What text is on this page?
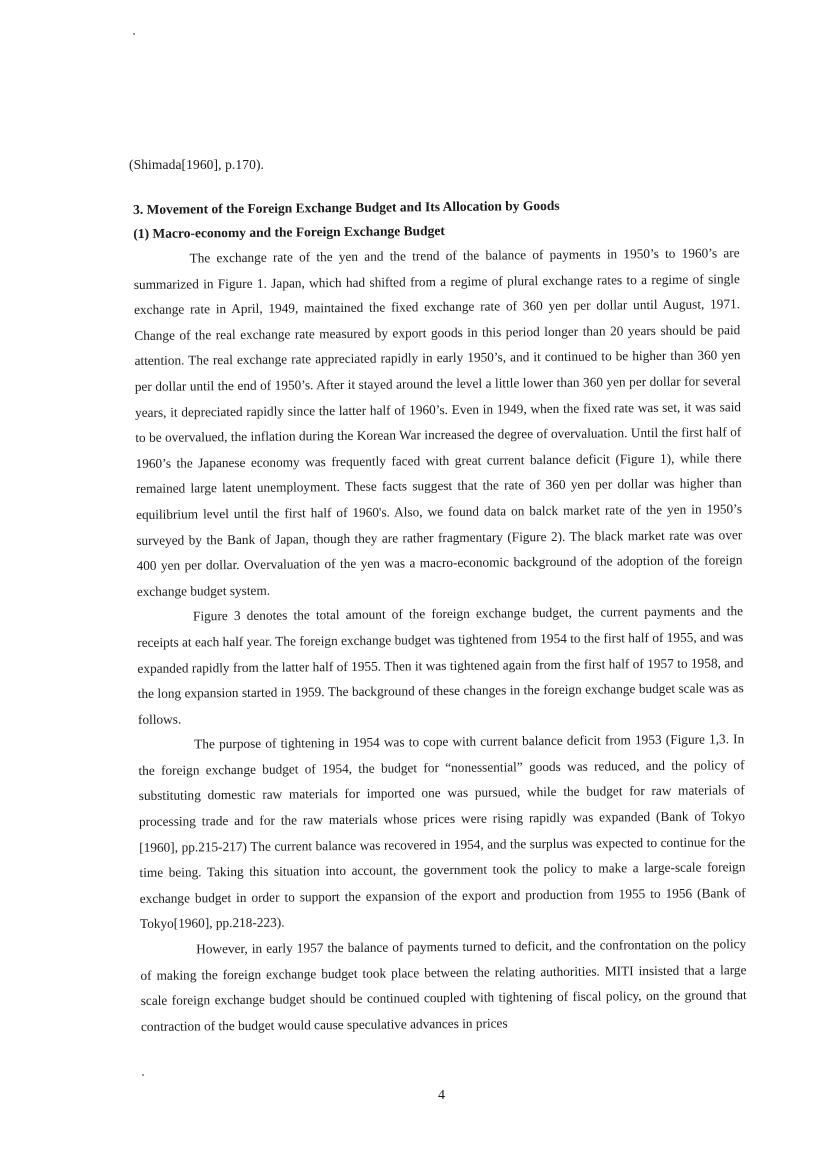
(Shimada[1960], p.170).
3. Movement of the Foreign Exchange Budget and Its Allocation by Goods
(1) Macro-economy and the Foreign Exchange Budget

The exchange rate of the yen and the trend of the balance of payments in 1950’s to 1960’s are summarized in Figure 1. Japan, which had shifted from a regime of plural exchange rates to a regime of single exchange rate in April, 1949, maintained the fixed exchange rate of 360 yen per dollar until August, 1971. Change of the real exchange rate measured by export goods in this period longer than 20 years should be paid attention. The real exchange rate appreciated rapidly in early 1950’s, and it continued to be higher than 360 yen per dollar until the end of 1950’s. After it stayed around the level a little lower than 360 yen per dollar for several years, it depreciated rapidly since the latter half of 1960’s. Even in 1949, when the fixed rate was set, it was said to be overvalued, the inflation during the Korean War increased the degree of overvaluation. Until the first half of 1960’s the Japanese economy was frequently faced with great current balance deficit (Figure 1), while there remained large latent unemployment. These facts suggest that the rate of 360 yen per dollar was higher than equilibrium level until the first half of 1960's. Also, we found data on balck market rate of the yen in 1950’s surveyed by the Bank of Japan, though they are rather fragmentary (Figure 2). The black market rate was over 400 yen per dollar. Overvaluation of the yen was a macro-economic background of the adoption of the foreign exchange budget system.

Figure 3 denotes the total amount of the foreign exchange budget, the current payments and the receipts at each half year. The foreign exchange budget was tightened from 1954 to the first half of 1955, and was expanded rapidly from the latter half of 1955. Then it was tightened again from the first half of 1957 to 1958, and the long expansion started in 1959. The background of these changes in the foreign exchange budget scale was as follows.

The purpose of tightening in 1954 was to cope with current balance deficit from 1953 (Figure 1,3. In the foreign exchange budget of 1954, the budget for “nonessential” goods was reduced, and the policy of substituting domestic raw materials for imported one was pursued, while the budget for raw materials of processing trade and for the raw materials whose prices were rising rapidly was expanded (Bank of Tokyo [1960], pp.215-217) The current balance was recovered in 1954, and the surplus was expected to continue for the time being. Taking this situation into account, the government took the policy to make a large-scale foreign exchange budget in order to support the expansion of the export and production from 1955 to 1956 (Bank of Tokyo[1960], pp.218-223).

However, in early 1957 the balance of payments turned to deficit, and the confrontation on the policy of making the foreign exchange budget took place between the relating authorities. MITI insisted that a large scale foreign exchange budget should be continued coupled with tightening of fiscal policy, on the ground that contraction of the budget would cause speculative advances in prices

4
